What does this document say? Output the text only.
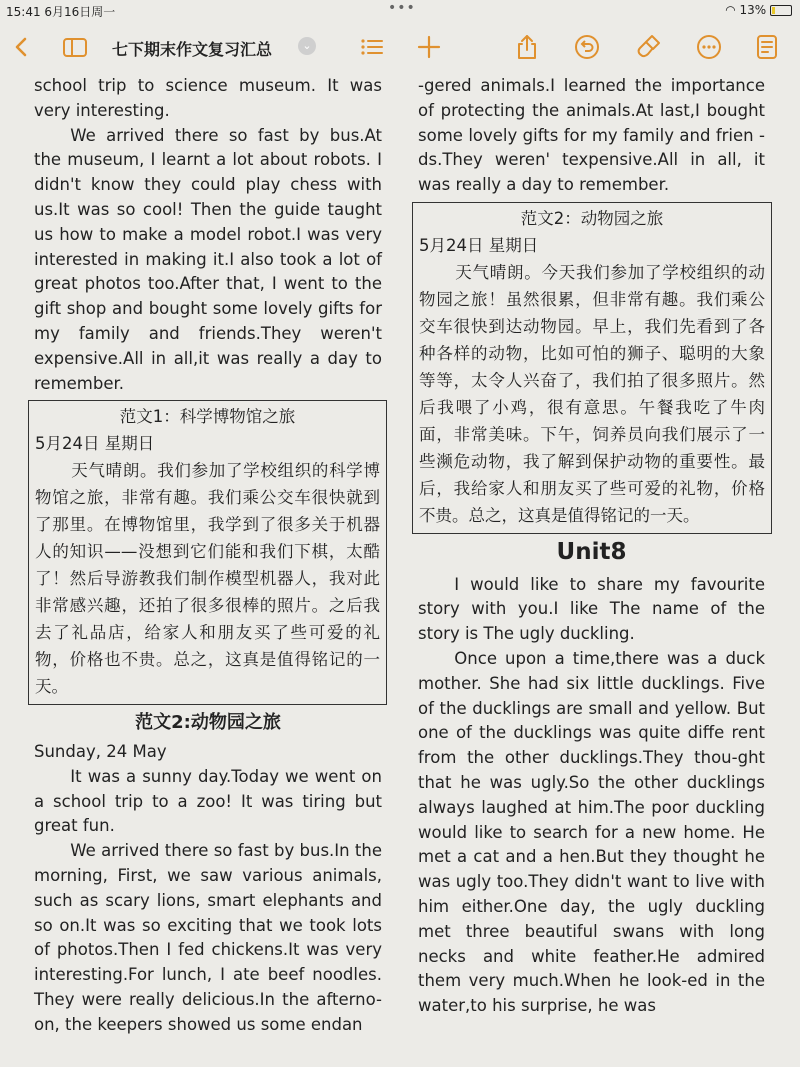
15:41 6月16日周一	•••	◠ 13%
七下期末作文复习汇总	⌄

school trip to science museum. It was very interesting.

We arrived there so fast by bus.At the museum, I learnt a lot about robots. I didn't know they could play chess with us.It was so cool! Then the guide taught us how to make a model robot.I was very interested in making it.I also took a lot of great photos too.After that, I went to the gift shop and bought some lovely gifts for my family and friends.They weren't expensive.All in all,it was really a day to remember.

范文1：科学博物馆之旅
5月24日 星期日

天气晴朗。我们参加了学校组织的科学博物馆之旅，非常有趣。我们乘公交车很快就到了那里。在博物馆里，我学到了很多关于机器人的知识——没想到它们能和我们下棋，太酷了！然后导游教我们制作模型机器人，我对此非常感兴趣，还拍了很多很棒的照片。之后我去了礼品店，给家人和朋友买了些可爱的礼物，价格也不贵。总之，这真是值得铭记的一天。

范文2:动物园之旅

Sunday, 24 May

It was a sunny day.Today we went on a school trip to a zoo! It was tiring but great fun.

We arrived there so fast by bus.In the morning, First, we saw various animals, such as scary lions, smart elephants and so on.It was so exciting that we took lots of photos.Then I fed chickens.It was very interesting.For lunch, I ate beef noodles. They were really delicious.In the afterno-on, the keepers showed us some endan

-gered animals.I learned the importance of protecting the animals.At last,I bought some lovely gifts for my family and frien -ds.They weren' texpensive.All in all, it was really a day to remember.

范文2：动物园之旅
5月24日 星期日

天气晴朗。今天我们参加了学校组织的动物园之旅！虽然很累，但非常有趣。我们乘公交车很快到达动物园。早上，我们先看到了各种各样的动物，比如可怕的狮子、聪明的大象等等，太令人兴奋了，我们拍了很多照片。然后我喂了小鸡，很有意思。午餐我吃了牛肉面，非常美味。下午，饲养员向我们展示了一些濒危动物，我了解到保护动物的重要性。最后，我给家人和朋友买了些可爱的礼物，价格不贵。总之，这真是值得铭记的一天。

Unit8

I would like to share my favourite story with you.I like The name of the story is The ugly duckling.

Once upon a time,there was a duck mother. She had six little ducklings. Five of the ducklings are small and yellow. But one of the ducklings was quite diffe rent from the other ducklings.They thou-ght that he was ugly.So the other ducklings always laughed at him.The poor duckling would like to search for a new home. He met a cat and a hen.But they thought he was ugly too.They didn't want to live with him either.One day, the ugly duckling met three beautiful swans with long necks and white feather.He admired them very much.When he look-ed in the water,to his surprise, he was
